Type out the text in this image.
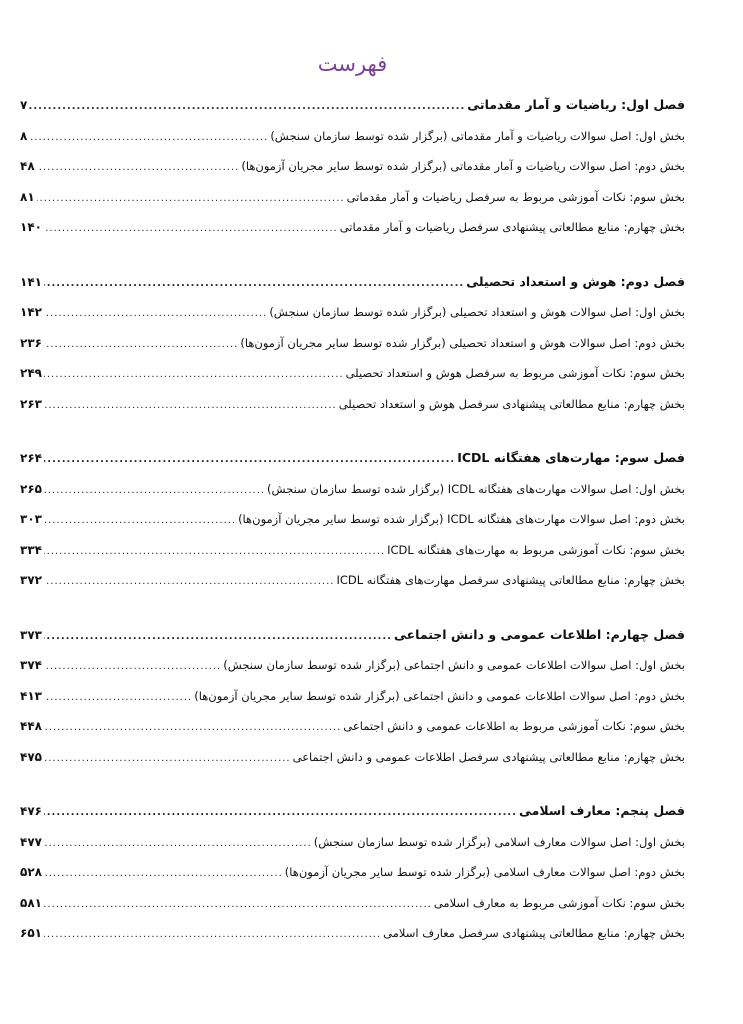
فهرست
فصل اول: ریاضیات و آمار مقدماتی
.....
۷
بخش اول: اصل سوالات ریاضیات و آمار مقدماتی (برگزار شده توسط سازمان سنجش)
.....
۸
بخش دوم: اصل سوالات ریاضیات و آمار مقدماتی (برگزار شده توسط سایر مجریان آزمون‌ها)
.....
۴۸
بخش سوم: نکات آموزشی مربوط به سرفصل ریاضیات و آمار مقدماتی
.....
۸۱
بخش چهارم: منابع مطالعاتی پیشنهادی سرفصل ریاضیات و آمار مقدماتی
.....
۱۴۰
فصل دوم: هوش و استعداد تحصیلی
.....
۱۴۱
بخش اول: اصل سوالات هوش و استعداد تحصیلی (برگزار شده توسط سازمان سنجش)
.....
۱۴۲
بخش دوم: اصل سوالات هوش و استعداد تحصیلی (برگزار شده توسط سایر مجریان آزمون‌ها)
.....
۲۳۶
بخش سوم: نکات آموزشی مربوط به سرفصل هوش و استعداد تحصیلی
.....
۲۴۹
بخش چهارم: منابع مطالعاتی پیشنهادی سرفصل هوش و استعداد تحصیلی
.....
۲۶۳
فصل سوم: مهارت‌های هفتگانه ICDL
.....
۲۶۴
بخش اول: اصل سوالات مهارت‌های هفتگانه ICDL (برگزار شده توسط سازمان سنجش)
.....
۲۶۵
بخش دوم: اصل سوالات مهارت‌های هفتگانه ICDL (برگزار شده توسط سایر مجریان آزمون‌ها)
.....
۳۰۳
بخش سوم: نکات آموزشی مربوط به مهارت‌های هفتگانه ICDL
.....
۳۳۴
بخش چهارم: منابع مطالعاتی پیشنهادی سرفصل مهارت‌های هفتگانه ICDL
.....
۳۷۲
فصل چهارم: اطلاعات عمومی و دانش اجتماعی
.....
۳۷۳
بخش اول: اصل سوالات اطلاعات عمومی و دانش اجتماعی (برگزار شده توسط سازمان سنجش)
.....
۳۷۴
بخش دوم: اصل سوالات اطلاعات عمومی و دانش اجتماعی (برگزار شده توسط سایر مجریان آزمون‌ها)
.....
۴۱۳
بخش سوم: نکات آموزشی مربوط به اطلاعات عمومی و دانش اجتماعی
.....
۴۴۸
بخش چهارم: منابع مطالعاتی پیشنهادی سرفصل اطلاعات عمومی و دانش اجتماعی
.....
۴۷۵
فصل پنجم: معارف اسلامی
.....
۴۷۶
بخش اول: اصل سوالات معارف اسلامی (برگزار شده توسط سازمان سنجش)
.....
۴۷۷
بخش دوم: اصل سوالات معارف اسلامی (برگزار شده توسط سایر مجریان آزمون‌ها)
.....
۵۲۸
بخش سوم: نکات آموزشی مربوط به معارف اسلامی
.....
۵۸۱
بخش چهارم: منابع مطالعاتی پیشنهادی سرفصل معارف اسلامی
.....
۶۵۱
